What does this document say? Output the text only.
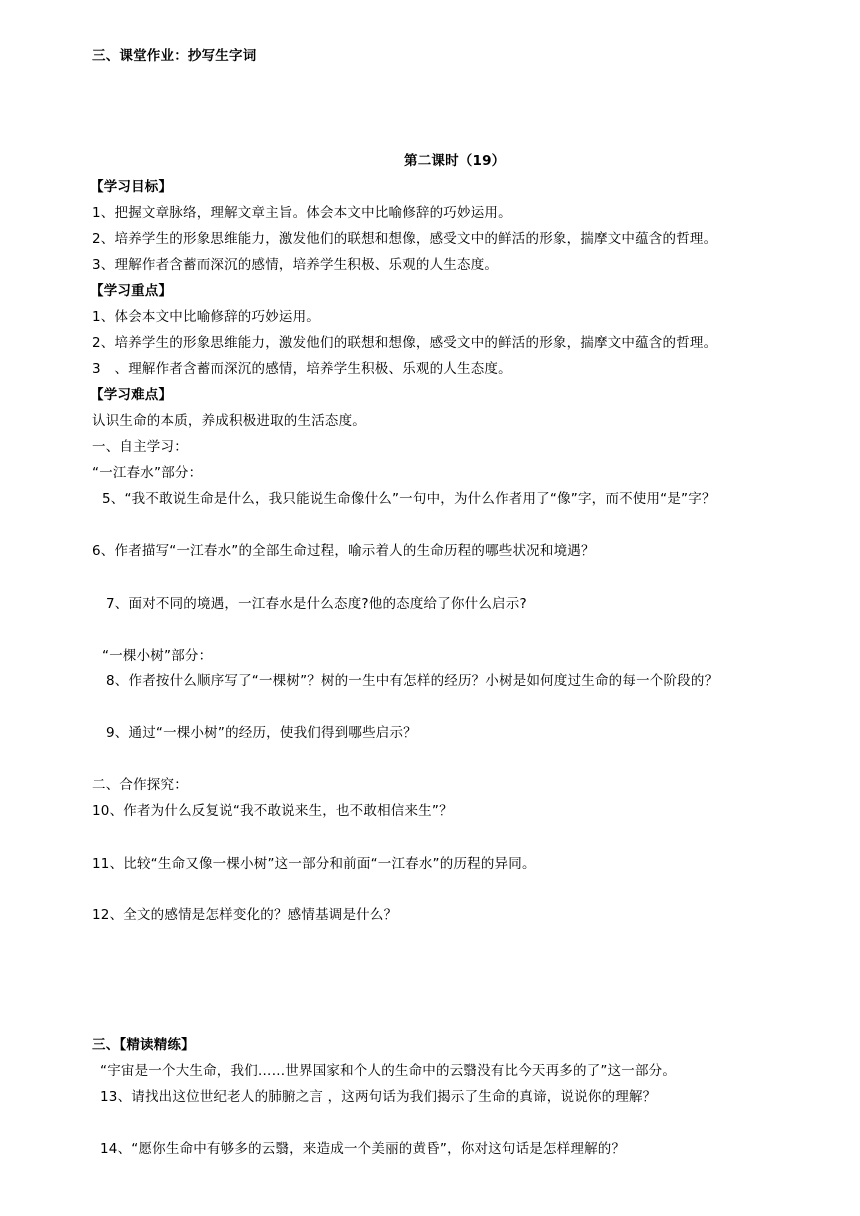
三、课堂作业：抄写生字词
第二课时（19）
【学习目标】
1、把握文章脉络，理解文章主旨。体会本文中比喻修辞的巧妙运用。
2、培养学生的形象思维能力，激发他们的联想和想像，感受文中的鲜活的形象，揣摩文中蕴含的哲理。
3、理解作者含蓄而深沉的感情，培养学生积极、乐观的人生态度。
【学习重点】
1、体会本文中比喻修辞的巧妙运用。
2、培养学生的形象思维能力，激发他们的联想和想像，感受文中的鲜活的形象，揣摩文中蕴含的哲理。
3　、理解作者含蓄而深沉的感情，培养学生积极、乐观的人生态度。
【学习难点】
认识生命的本质，养成积极进取的生活态度。
一、自主学习：
“一江春水”部分：
5、“我不敢说生命是什么，我只能说生命像什么”一句中，为什么作者用了“像”字，而不使用“是”字？
6、作者描写“一江春水”的全部生命过程，喻示着人的生命历程的哪些状况和境遇？
7、面对不同的境遇，一江春水是什么态度?他的态度给了你什么启示?
“一棵小树”部分：
8、作者按什么顺序写了“一棵树”？树的一生中有怎样的经历？小树是如何度过生命的每一个阶段的？
9、通过“一棵小树”的经历，使我们得到哪些启示？
二、合作探究：
10、作者为什么反复说“我不敢说来生，也不敢相信来生”？
11、比较“生命又像一棵小树”这一部分和前面“一江春水”的历程的异同。
12、全文的感情是怎样变化的？感情基调是什么？
三、【精读精练】
“宇宙是一个大生命，我们……世界国家和个人的生命中的云翳没有比今天再多的了”这一部分。
13、请找出这位世纪老人的肺腑之言 ，这两句话为我们揭示了生命的真谛，说说你的理解？
14、“愿你生命中有够多的云翳，来造成一个美丽的黄昏”，你对这句话是怎样理解的？
